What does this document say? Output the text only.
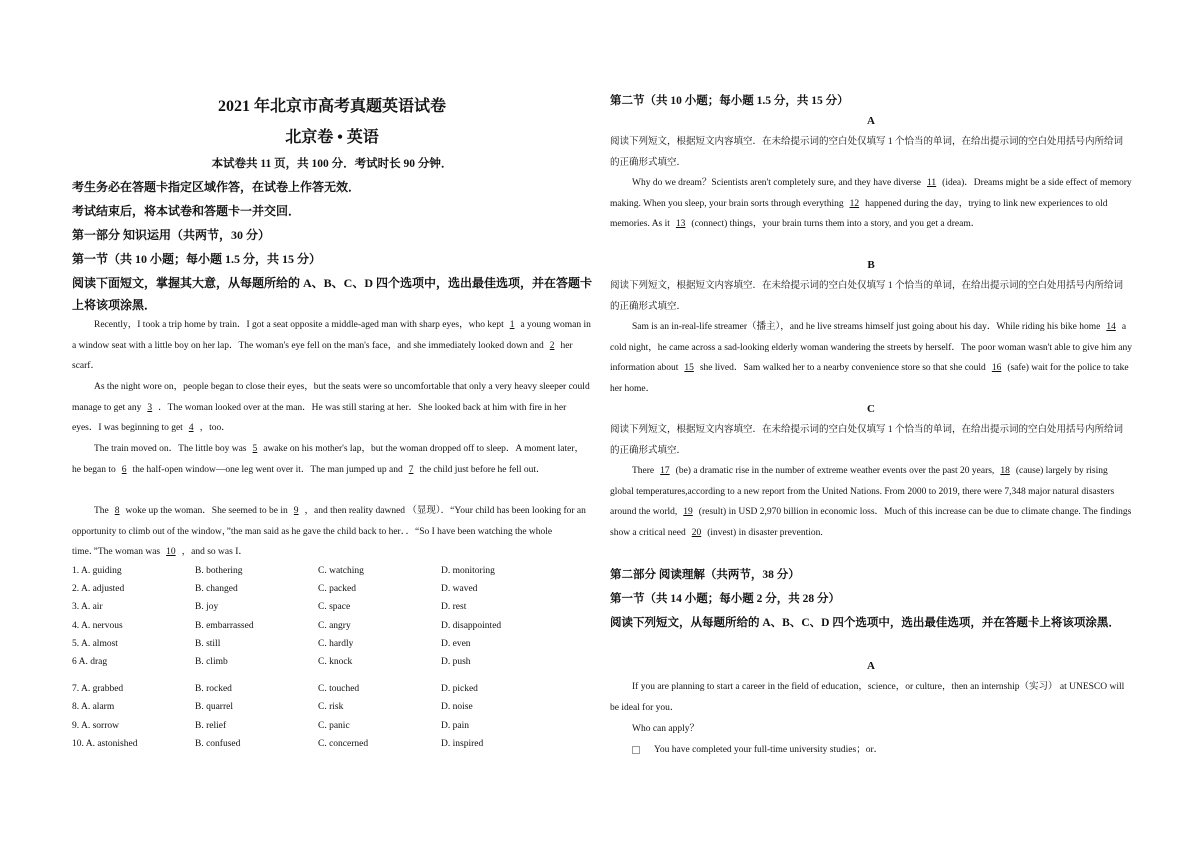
2021 年北京市高考真题英语试卷
北京卷 • 英语
本试卷共 11 页，共 100 分．考试时长 90 分钟．
考生务必在答题卡指定区域作答，在试卷上作答无效．
考试结束后，将本试卷和答题卡一并交回．
第一部分 知识运用（共两节，30 分）
第一节（共 10 小题；每小题 1.5 分，共 15 分）
阅读下面短文，掌握其大意，从每题所给的 A、B、C、D 四个选项中，选出最佳选项，并在答题卡上将该项涂黑．
Recently，I took a trip home by train．I got a seat opposite a middle-aged man with sharp eyes，who kept 1 a young woman in a window seat with a little boy on her lap．The woman's eye fell on the man's face，and she immediately looked down and 2 her scarf．
As the night wore on，people began to close their eyes，but the seats were so uncomfortable that only a very heavy sleeper could manage to get any 3 ．The woman looked over at the man．He was still staring at her．She looked back at him with fire in her eyes．I was beginning to get 4 ，too．
The train moved on．The little boy was 5 awake on his mother's lap，but the woman dropped off to sleep．A moment later，he began to 6 the half-open window—one leg went over it．The man jumped up and 7 the child just before he fell out．
The 8 woke up the woman．She seemed to be in 9 ，and then reality dawned （显现）．“Your child has been looking for an opportunity to climb out of the window，”the man said as he gave the child back to her．．“So I have been watching the whole time．”The woman was 10 ，and so was I．
1. A. guiding	B. bothering	C. watching	D. monitoring
2. A. adjusted	B. changed	C. packed	D. waved
3. A. air	B. joy	C. space	D. rest
4. A. nervous	B. embarrassed	C. angry	D. disappointed
5. A. almost	B. still	C. hardly	D. even
6 A. drag	B. climb	C. knock	D. push
7. A. grabbed	B. rocked	C. touched	D. picked
8. A. alarm	B. quarrel	C. risk	D. noise
9. A. sorrow	B. relief	C. panic	D. pain
10. A. astonished	B. confused	C. concerned	D. inspired
第二节（共 10 小题；每小题 1.5 分，共 15 分）
A
阅读下列短文，根据短文内容填空．在未给提示词的空白处仅填写 1 个恰当的单词，在给出提示词的空白处用括号内所给词的正确形式填空．
Why do we dream？Scientists aren't completely sure, and they have diverse 11 (idea)．Dreams might be a side effect of memory making. When you sleep, your brain sorts through everything 12 happened during the day，trying to link new experiences to old memories. As it 13 (connect) things，your brain turns them into a story, and you get a dream．
B
阅读下列短文，根据短文内容填空．在未给提示词的空白处仅填写 1 个恰当的单词，在给出提示词的空白处用括号内所给词的正确形式填空．
Sam is an in-real-life streamer（播主），and he live streams himself just going about his day．While riding his bike home 14 a cold night，he came across a sad-looking elderly woman wandering the streets by herself．The poor woman wasn't able to give him any information about 15 she lived．Sam walked her to a nearby convenience store so that she could 16 (safe) wait for the police to take her home．
C
阅读下列短文，根据短文内容填空．在未给提示词的空白处仅填写 1 个恰当的单词，在给出提示词的空白处用括号内所给词的正确形式填空．
There 17 (be) a dramatic rise in the number of extreme weather events over the past 20 years, 18 (cause) largely by rising global temperatures,according to a new report from the United Nations. From 2000 to 2019, there were 7,348 major natural disasters around the world, 19 (result) in USD 2,970 billion in economic loss．Much of this increase can be due to climate change. The findings show a critical need 20 (invest) in disaster prevention.
第二部分 阅读理解（共两节，38 分）
第一节（共 14 小题；每小题 2 分，共 28 分）
阅读下列短文，从每题所给的 A、B、C、D 四个选项中，选出最佳选项，并在答题卡上将该项涂黑．
A
If you are planning to start a career in the field of education，science，or culture，then an internship（实习） at UNESCO will be ideal for you．
Who can apply？
You have completed your full-time university studies；or．
